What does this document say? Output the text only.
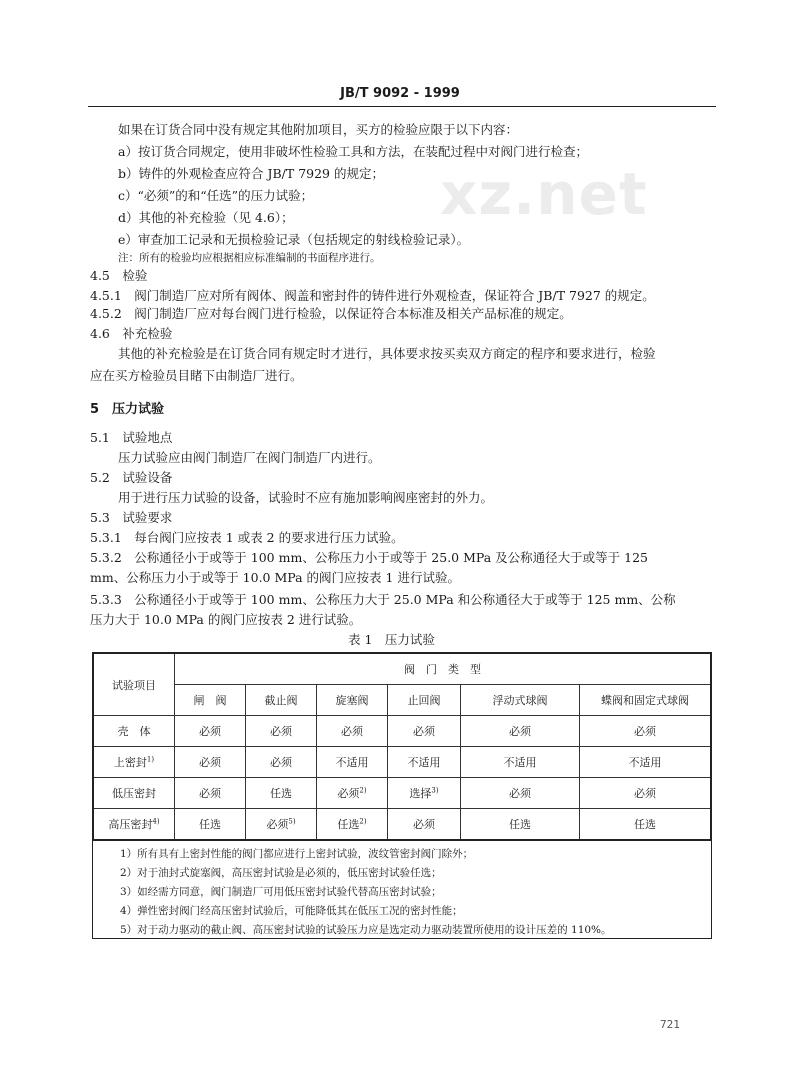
JB/T 9092 - 1999
xz.net
如果在订货合同中没有规定其他附加项目，买方的检验应限于以下内容：
a）按订货合同规定，使用非破坏性检验工具和方法，在装配过程中对阀门进行检查；
b）铸件的外观检查应符合 JB/T 7929 的规定；
c）“必须”的和“任选”的压力试验；
d）其他的补充检验（见 4.6）；
e）审查加工记录和无损检验记录（包括规定的射线检验记录）。
注：所有的检验均应根据相应标准编制的书面程序进行。
4.5　检验
4.5.1　阀门制造厂应对所有阀体、阀盖和密封件的铸件进行外观检查，保证符合 JB/T 7927 的规定。
4.5.2　阀门制造厂应对每台阀门进行检验，以保证符合本标准及相关产品标准的规定。
4.6　补充检验
其他的补充检验是在订货合同有规定时才进行，具体要求按买卖双方商定的程序和要求进行，检验
应在买方检验员目睹下由制造厂进行。
5　压力试验
5.1　试验地点
压力试验应由阀门制造厂在阀门制造厂内进行。
5.2　试验设备
用于进行压力试验的设备，试验时不应有施加影响阀座密封的外力。
5.3　试验要求
5.3.1　每台阀门应按表 1 或表 2 的要求进行压力试验。
5.3.2　公称通径小于或等于 100 mm、公称压力小于或等于 25.0 MPa 及公称通径大于或等于 125
mm、公称压力小于或等于 10.0 MPa 的阀门应按表 1 进行试验。
5.3.3　公称通径小于或等于 100 mm、公称压力大于 25.0 MPa 和公称通径大于或等于 125 mm、公称
压力大于 10.0 MPa 的阀门应按表 2 进行试验。
表 1　压力试验
试验项目	阀　门　类　型					
	闸　阀	截止阀	旋塞阀	止回阀	浮动式球阀	蝶阀和固定式球阀
壳　体	必须	必须	必须	必须	必须	必须
上密封$^{1)}$	必须	必须	不适用	不适用	不适用	不适用
低压密封	必须	任选	必须$^{2)}$	选择$^{3)}$	必须	必须
高压密封$^{4)}$	任选	必须$^{5)}$	任选$^{2)}$	必须	任选	任选
1）所有具有上密封性能的阀门都应进行上密封试验，波纹管密封阀门除外；
2）对于油封式旋塞阀，高压密封试验是必须的，低压密封试验任选；
3）如经需方同意，阀门制造厂可用低压密封试验代替高压密封试验；
4）弹性密封阀门经高压密封试验后，可能降低其在低压工况的密封性能；
5）对于动力驱动的截止阀、高压密封试验的试验压力应是选定动力驱动装置所使用的设计压差的 110%。
721
